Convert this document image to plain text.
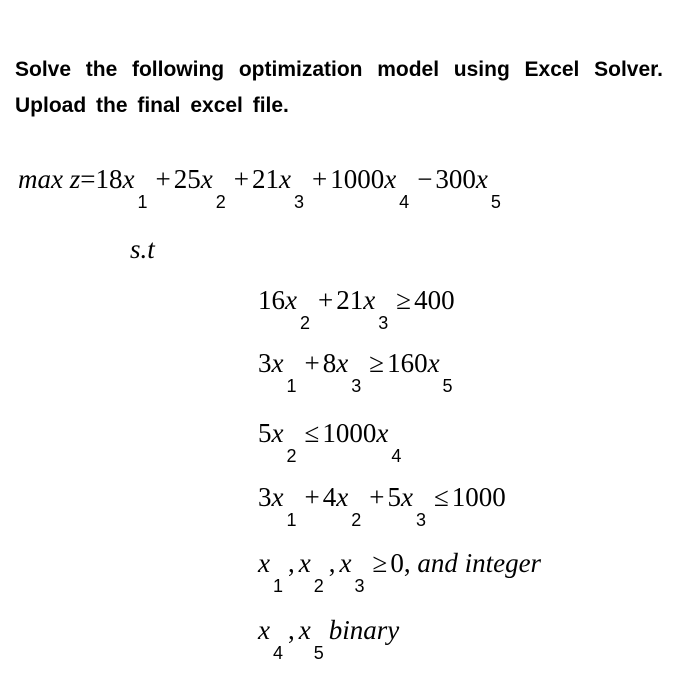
Solve the following optimization model using Excel Solver. Upload the final excel file.
$\max z=18x_1+ 25x_2+ 21x_3+ 1000x_4- 300x_5$
s.t
$16x_2+ 21x_3\ge 400$
$3x_1+ 8x_3\ge 160x_5$
$5x_2\le 1000x_4$
$3x_1+ 4x_2+ 5x_3\le 1000$
$x_1$, $x_2$, $x_3\ge 0$, and integer
$x_4$, $x_5binary$
